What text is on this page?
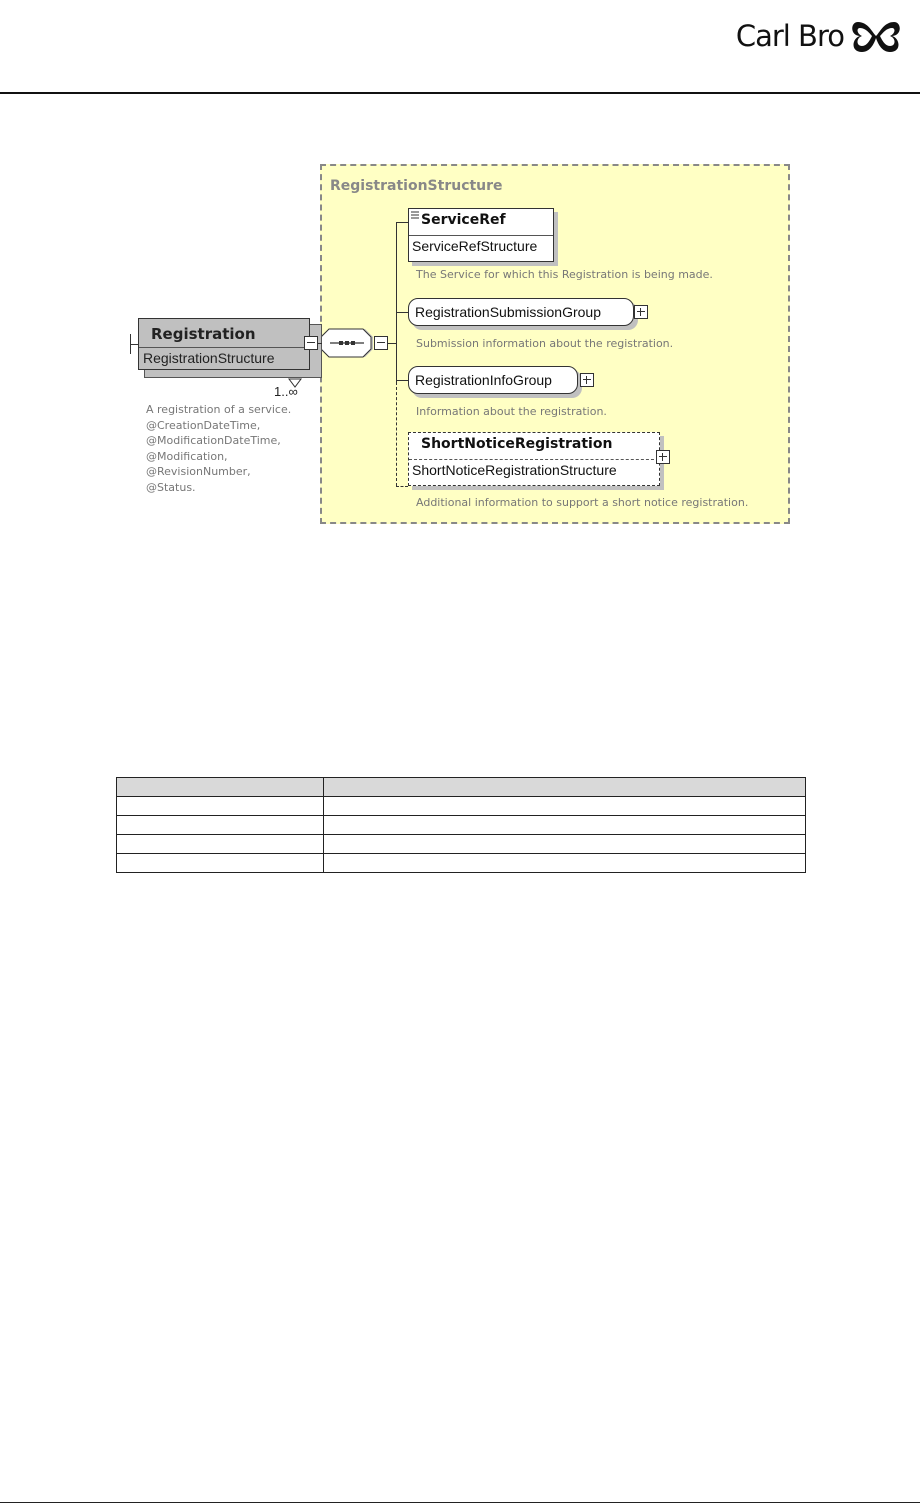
Carl Bro
RegistrationStructure
Registration
RegistrationStructure
1..∞
A registration of a service.
@CreationDateTime,
@ModificationDateTime,
@Modification,
@RevisionNumber,
@Status.
ServiceRef
ServiceRefStructure
The Service for which this Registration is being made.
RegistrationSubmissionGroup
Submission information about the registration.
RegistrationInfoGroup
Information about the registration.
ShortNoticeRegistration
ShortNoticeRegistrationStructure
Additional information to support a short notice registration.
